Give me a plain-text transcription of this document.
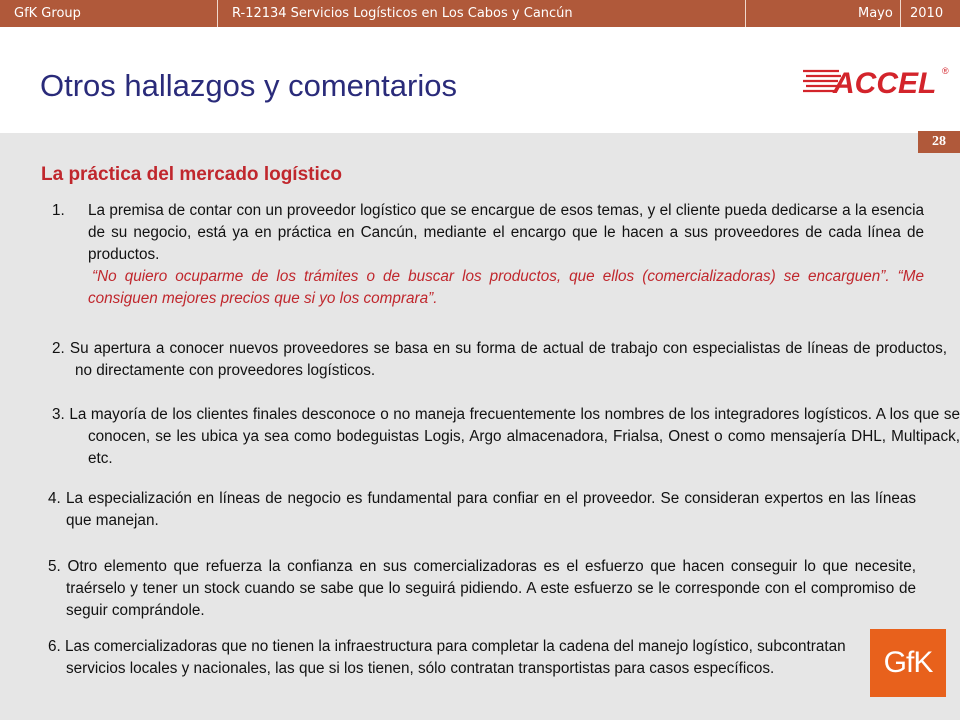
GfK Group	R-12134 Servicios Logísticos en Los Cabos y Cancún	Mayo 2010
Otros hallazgos y comentarios	ACCEL ®
28
La práctica del mercado logístico
1. La premisa de contar con un proveedor logístico que se encargue de esos temas, y el cliente pueda dedicarse a la esencia de su negocio, está ya en práctica en Cancún, mediante el encargo que le hacen a sus proveedores de cada línea de productos.
“No quiero ocuparme de los trámites o de buscar los productos, que ellos (comercializadoras) se encarguen”. “Me consiguen mejores precios que si yo los comprara”.
2. Su apertura a conocer nuevos proveedores se basa en su forma de actual de trabajo con especialistas de líneas de productos, no directamente con proveedores logísticos.
3. La mayoría de los clientes finales desconoce o no maneja frecuentemente los nombres de los integradores logísticos. A los que se conocen, se les ubica ya sea como bodeguistas Logis, Argo almacenadora, Frialsa, Onest o como mensajería DHL, Multipack, etc.
4. La especialización en líneas de negocio es fundamental para confiar en el proveedor. Se consideran expertos en las líneas que manejan.
5. Otro elemento que refuerza la confianza en sus comercializadoras es el esfuerzo que hacen conseguir lo que necesite, traérselo y tener un stock cuando se sabe que lo seguirá pidiendo. A este esfuerzo se le corresponde con el compromiso de seguir comprándole.
6. Las comercializadoras que no tienen la infraestructura para completar la cadena del manejo logístico, subcontratan servicios locales y nacionales, las que si los tienen, sólo contratan transportistas para casos específicos.	GfK
